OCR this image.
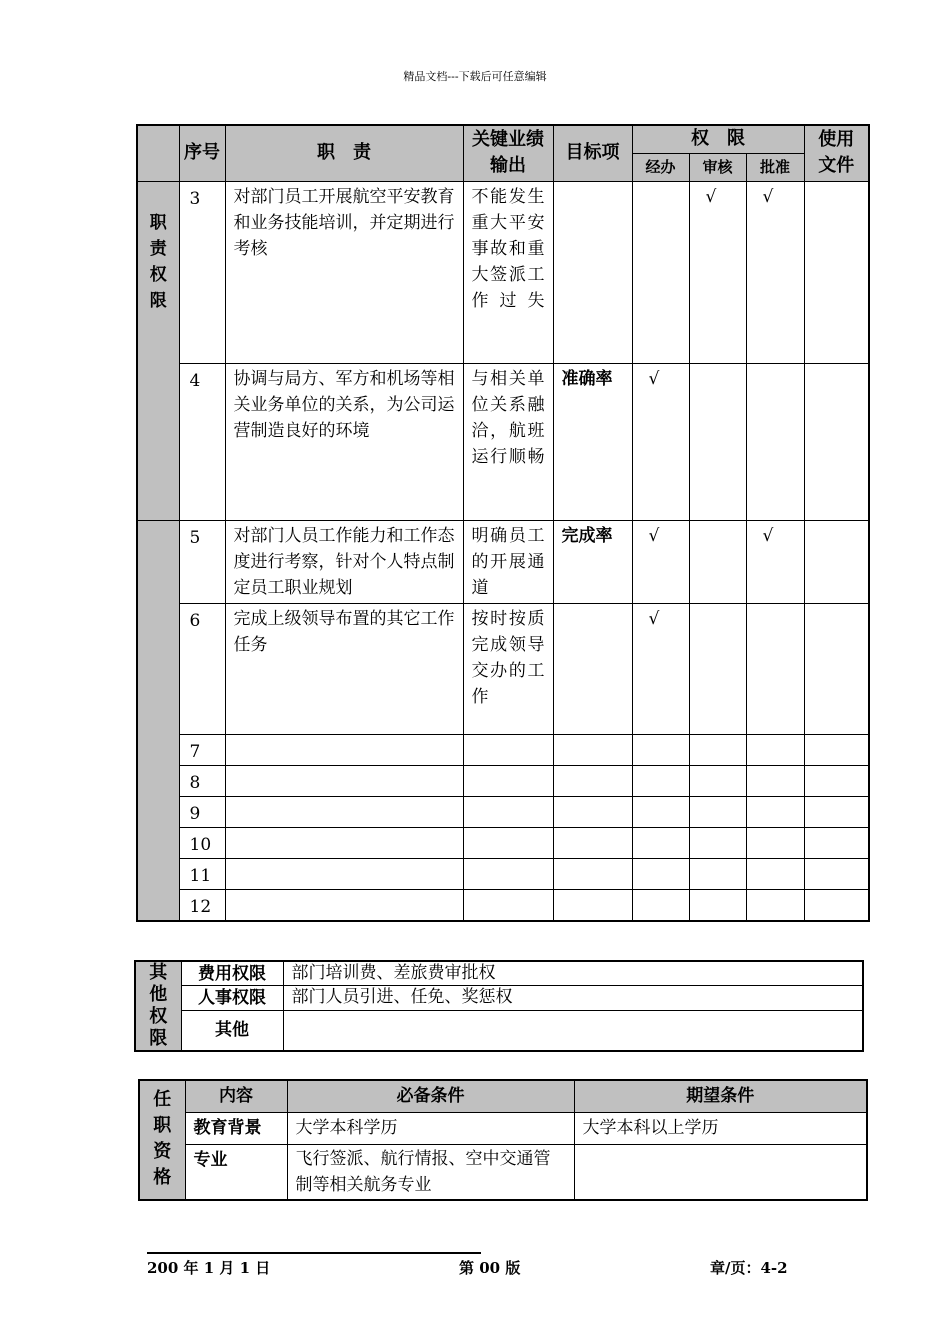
精品文档---下载后可任意编辑
	序号	职　责	关键业绩输出	目标项	权　限			使用文件
					经办	审核	批准	
职责权限	3	对部门员工开展航空平安教育和业务技能培训，并定期进行考核	不能发生重大平安事故和重大签派工作过失			√	√	
	4	协调与局方、军方和机场等相关业务单位的关系，为公司运营制造良好的环境	与相关单位关系融洽，航班运行顺畅	准确率	√			
	5	对部门人员工作能力和工作态度进行考察，针对个人特点制定员工职业规划	明确员工的开展通道	完成率	√		√	
	6	完成上级领导布置的其它工作任务	按时按质完成领导交办的工作		√			
	7							
	8							
	9							
	10							
	11							
	12							
其他权限	费用权限	部门培训费、差旅费审批权
	人事权限	部门人员引进、任免、奖惩权
	其他	
任职资格	内容	必备条件	期望条件
	教育背景	大学本科学历	大学本科以上学历
	专业	飞行签派、航行情报、空中交通管制等相关航务专业	
200 年 1 月 1 日	第 00 版	章/页：4-2
